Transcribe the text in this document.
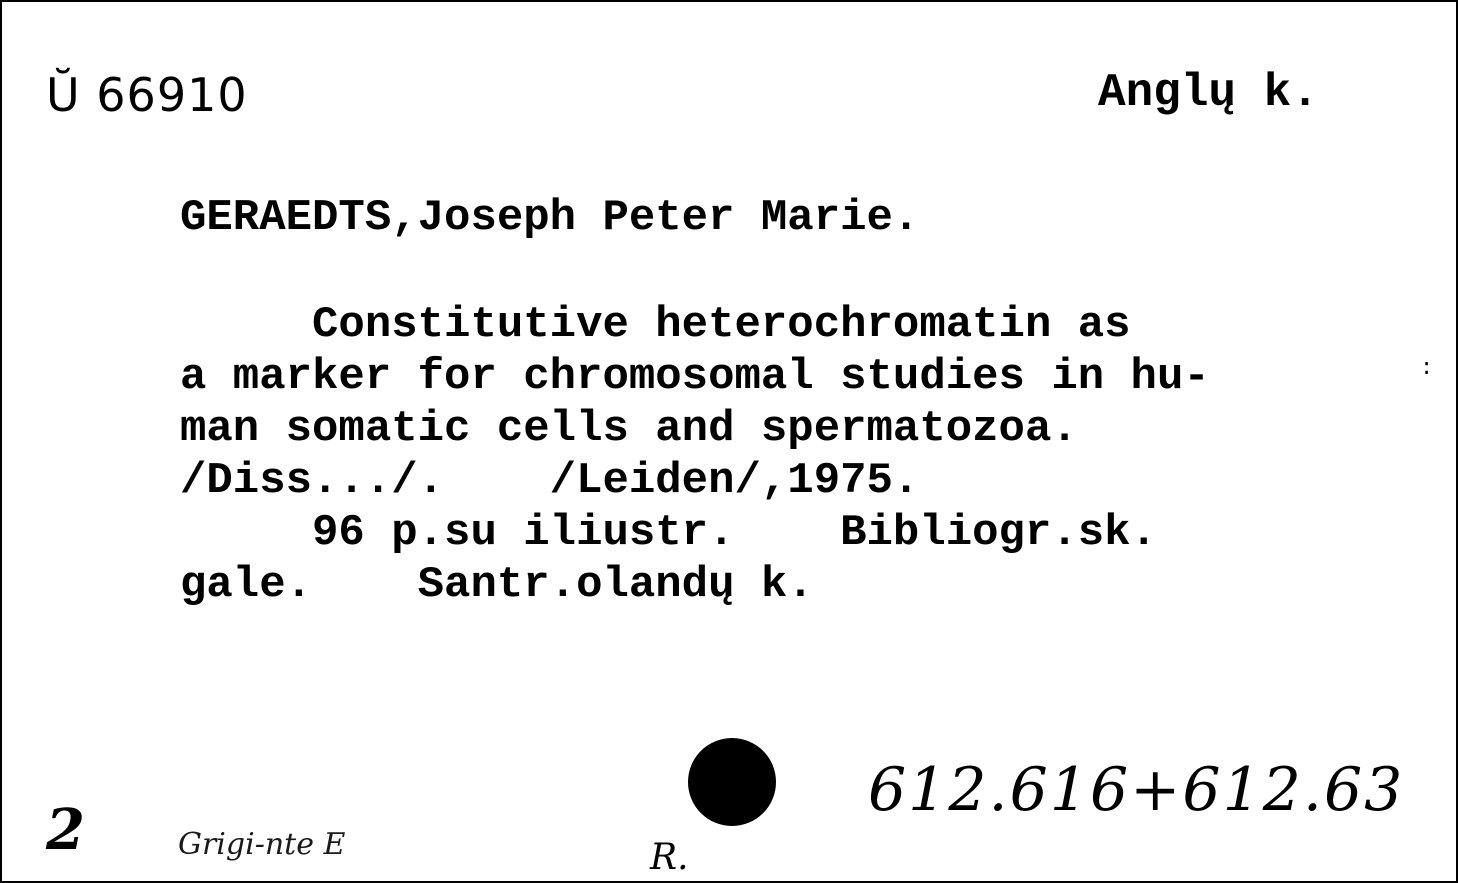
Ŭ 66910	Anglų k.
GERAEDTS,Joseph Peter Marie.
Constitutive heterochromatin as
a marker for chromosomal studies in hu-
man somatic cells and spermatozoa.
/Diss.../.    /Leiden/,1975.
96 p.su iliustr.    Bibliogr.sk.
gale.    Santr.olandų k.
:
612.616+612.63
2	Grigi-nte E	R.
